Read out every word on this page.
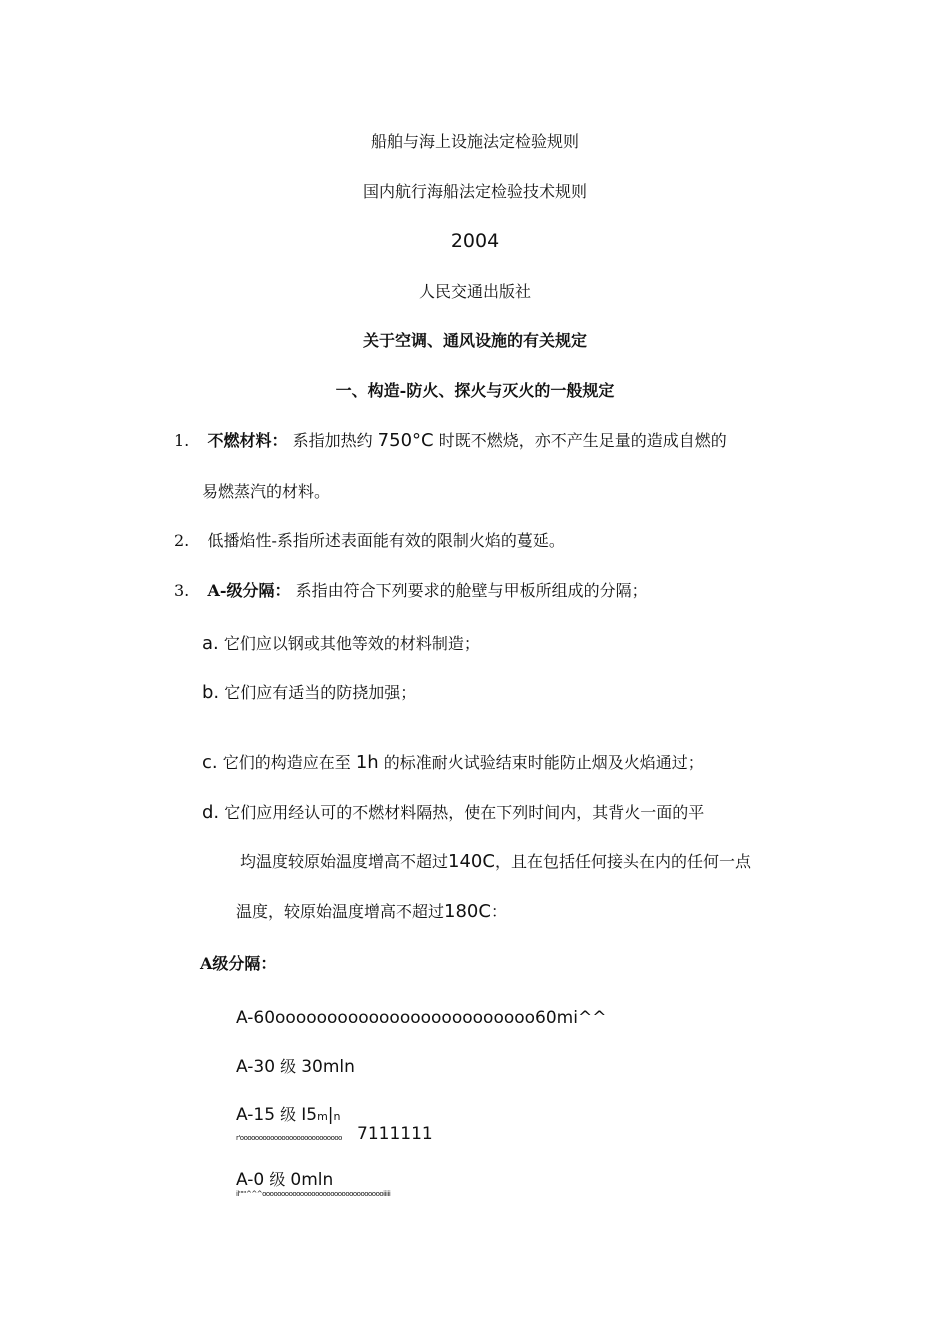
船舶与海上设施法定检验规则
国内航行海船法定检验技术规则
2004
人民交通出版社
关于空调、通风设施的有关规定
一、构造-防火、探火与灭火的一般规定
1. 不燃材料： 系指加热约 750°C 时既不燃烧，亦不产生足量的造成自燃的
易燃蒸汽的材料。
2. 低播焰性-系指所述表面能有效的限制火焰的蔓延。
3. A-级分隔： 系指由符合下列要求的舱壁与甲板所组成的分隔；
a. 它们应以钢或其他等效的材料制造；
b. 它们应有适当的防挠加强；
c. 它们的构造应在至 1h 的标准耐火试验结束时能防止烟及火焰通过；
d. 它们应用经认可的不燃材料隔热，使在下列时间内，其背火一面的平
均温度较原始温度增高不超过140C，且在包括任何接头在内的任何一点
温度，较原始温度增高不超过180C：
A级分隔：
A-60ooooooooooooooooooooooooo60mi^^
A-30 级 30mln
A-15 级 I5m|n
r'ooooooooooooooooooooooooooo 7111111
A-0 级 0mln
il'''''^^^ooooooooooooooooooooooooooooooooiiiii
